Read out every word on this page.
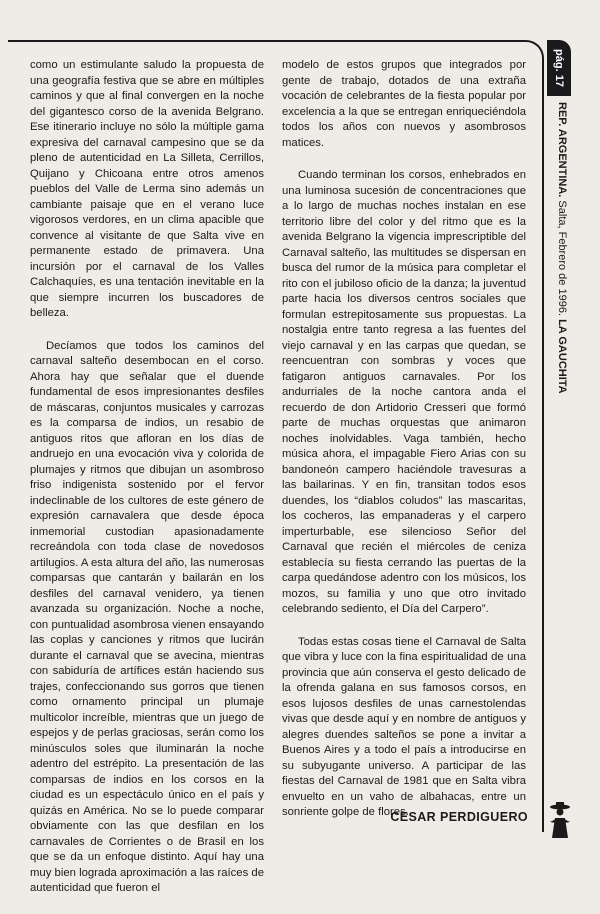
como un estimulante saludo la propuesta de una geografía festiva que se abre en múltiples caminos y que al final convergen en la noche del gigantesco corso de la avenida Belgrano. Ese itinerario incluye no sólo la múltiple gama expresiva del carnaval campesino que se da pleno de autenticidad en La Silleta, Cerrillos, Quijano y Chicoana entre otros amenos pueblos del Valle de Lerma sino además un cambiante paisaje que en el verano luce vigorosos verdores, en un clima apacible que convence al visitante de que Salta vive en permanente estado de primavera. Una incursión por el carnaval de los Valles Calchaquíes, es una tentación inevitable en la que siempre incurren los buscadores de belleza.

Decíamos que todos los caminos del carnaval salteño desembocan en el corso. Ahora hay que señalar que el duende fundamental de esos impresionantes desfiles de máscaras, conjuntos musicales y carrozas es la comparsa de indios, un resabio de antiguos ritos que afloran en los días de andruejo en una evocación viva y colorida de plumajes y ritmos que dibujan un asombroso friso indigenista sostenido por el fervor indeclinable de los cultores de este género de expresión carnavalera que desde época inmemorial custodian apasionadamente recreándola con toda clase de novedosos artilugios. A esta altura del año, las numerosas comparsas que cantarán y bailarán en los desfiles del carnaval venidero, ya tienen avanzada su organización. Noche a noche, con puntualidad asombrosa vienen ensayando las coplas y canciones y ritmos que lucirán durante el carnaval que se avecina, mientras con sabiduría de artífices están haciendo sus trajes, confeccionando sus gorros que tienen como ornamento principal un plumaje multicolor increíble, mientras que un juego de espejos y de perlas graciosas, serán como los minúsculos soles que iluminarán la noche adentro del estrépito. La presentación de las comparsas de indios en los corsos en la ciudad es un espectáculo único en el país y quizás en América. No se lo puede comparar obviamente con las que desfilan en los carnavales de Corrientes o de Brasil en los que se da un enfoque distinto. Aquí hay una muy bien lograda aproximación a las raíces de autenticidad que fueron el

modelo de estos grupos que integrados por gente de trabajo, dotados de una extraña vocación de celebrantes de la fiesta popular por excelencia a la que se entregan enriqueciéndola todos los años con nuevos y asombrosos matices.

Cuando terminan los corsos, enhebrados en una luminosa sucesión de concentraciones que a lo largo de muchas noches instalan en ese territorio libre del color y del ritmo que es la avenida Belgrano la vigencia imprescriptible del Carnaval salteño, las multitudes se dispersan en busca del rumor de la música para completar el rito con el jubiloso oficio de la danza; la juventud parte hacia los diversos centros sociales que formulan estrepitosamente sus propuestas. La nostalgia entre tanto regresa a las fuentes del viejo carnaval y en las carpas que quedan, se reencuentran con sombras y voces que fatigaron antiguos carnavales. Por los andurriales de la noche cantora anda el recuerdo de don Artidorio Cresseri que formó parte de muchas orquestas que animaron noches inolvidables. Vaga también, hecho música ahora, el impagable Fiero Arias con su bandoneón campero haciéndole travesuras a las bailarinas. Y en fin, transitan todos esos duendes, los “diablos coludos” las mascaritas, los cocheros, las empanaderas y el carpero imperturbable, ese silencioso Señor del Carnaval que recién el miércoles de ceniza establecía su fiesta cerrando las puertas de la carpa quedándose adentro con los músicos, los mozos, su familia y uno que otro invitado celebrando sediento, el Día del Carpero”.

Todas estas cosas tiene el Carnaval de Salta que vibra y luce con la fina espiritualidad de una provincia que aún conserva el gesto delicado de la ofrenda galana en sus famosos corsos, en esos lujosos desfiles de unas carnestolendas vivas que desde aquí y en nombre de antiguos y alegres duendes salteños se pone a invitar a Buenos Aires y a todo el país a introducirse en su subyugante universo. A participar de las fiestas del Carnaval de 1981 que en Salta vibra envuelto en un vaho de albahacas, entre un sonriente golpe de flores.

CESAR PERDIGUERO
pág. 17
REP. ARGENTINA. Salta, Febrero de 1996. LA GAUCHITA
